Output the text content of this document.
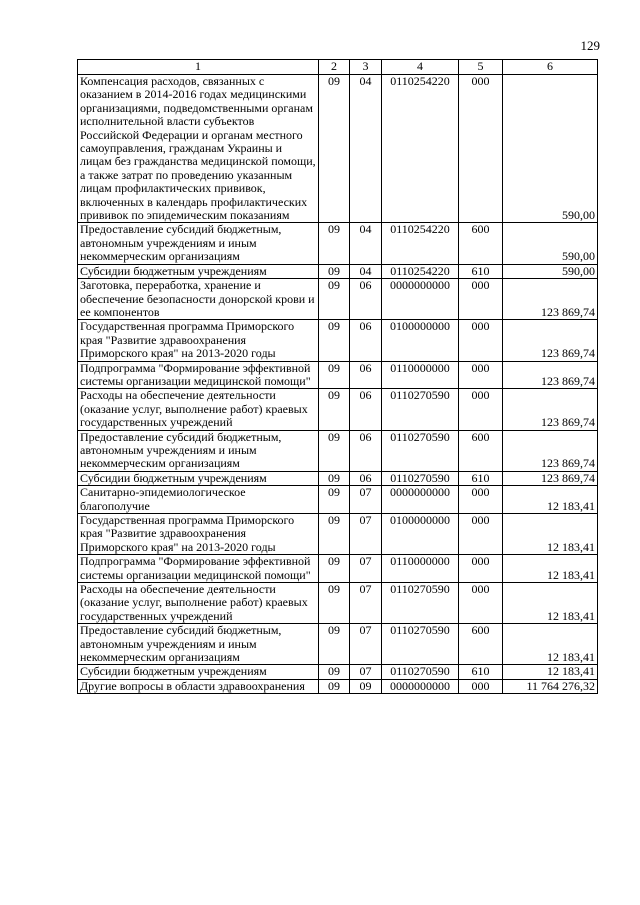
129
1	2	3	4	5	6
Компенсация расходов, связанных с оказанием в 2014-2016 годах медицинскими организациями, подведомственными органам исполнительной власти субъектов Российской Федерации и органам местного самоуправления, гражданам Украины и лицам без гражданства медицинской помощи, а также затрат по проведению указанным лицам профилактических прививок, включенных в календарь профилактических прививок по эпидемическим показаниям	09	04	0110254220	000	590,00
Предоставление субсидий бюджетным, автономным учреждениям и иным некоммерческим организациям	09	04	0110254220	600	590,00
Субсидии бюджетным учреждениям	09	04	0110254220	610	590,00
Заготовка, переработка, хранение и обеспечение безопасности донорской крови и ее компонентов	09	06	0000000000	000	123 869,74
Государственная программа Приморского края "Развитие здравоохранения Приморского края" на 2013-2020 годы	09	06	0100000000	000	123 869,74
Подпрограмма "Формирование эффективной системы организации медицинской помощи"	09	06	0110000000	000	123 869,74
Расходы на обеспечение деятельности (оказание услуг, выполнение работ) краевых государственных учреждений	09	06	0110270590	000	123 869,74
Предоставление субсидий бюджетным, автономным учреждениям и иным некоммерческим организациям	09	06	0110270590	600	123 869,74
Субсидии бюджетным учреждениям	09	06	0110270590	610	123 869,74
Санитарно-эпидемиологическое благополучие	09	07	0000000000	000	12 183,41
Государственная программа Приморского края "Развитие здравоохранения Приморского края" на 2013-2020 годы	09	07	0100000000	000	12 183,41
Подпрограмма "Формирование эффективной системы организации медицинской помощи"	09	07	0110000000	000	12 183,41
Расходы на обеспечение деятельности (оказание услуг, выполнение работ) краевых государственных учреждений	09	07	0110270590	000	12 183,41
Предоставление субсидий бюджетным, автономным учреждениям и иным некоммерческим организациям	09	07	0110270590	600	12 183,41
Субсидии бюджетным учреждениям	09	07	0110270590	610	12 183,41
Другие вопросы в области здравоохранения	09	09	0000000000	000	11 764 276,32
